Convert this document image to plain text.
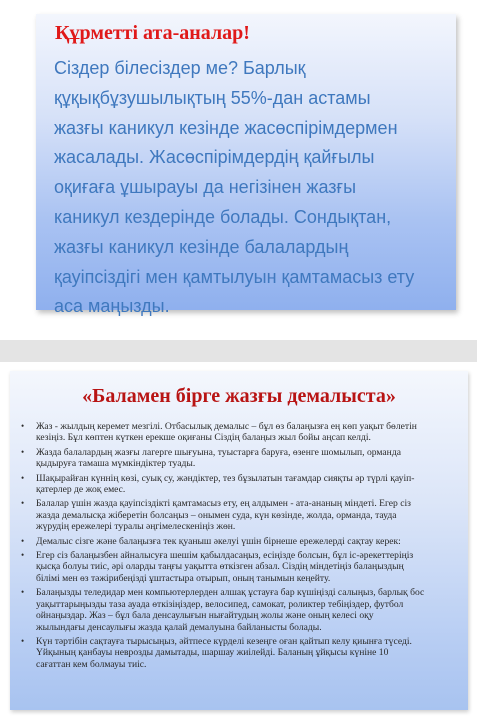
Құрметті ата-аналар!
Сіздер білесіздер ме? Барлық
құқықбұзушылықтың 55%-дан астамы
жазғы каникул кезінде жасөспірімдермен
жасалады. Жасөспірімдердің қайғылы
оқиғаға ұшырауы да негізінен жазғы
каникул кездерінде болады. Сондықтан,
жазғы каникул кезінде балалардың
қауіпсіздігі мен қамтылуын қамтамасыз ету
аса маңызды.
«Баламен бірге жазғы демалыста»
• Жаз - жылдың керемет мезгілі. Отбасылық демалыс – бұл өз балаңызға ең көп уақыт бөлетін
кезіңіз. Бұл көптен күткен ерекше оқиғаны Сіздің балаңыз жыл бойы аңсап келді.
• Жазда балалардың жазғы лагерге шығуына, туыстарға баруға, өзенге шомылып, орманда
қыдыруға тамаша мүмкіндіктер туады.
• Шақырайған күннің көзі, суық су, жәндіктер, тез бұзылатын тағамдар сияқты әр түрлі қауіп-
қатерлер де жоқ емес.
• Балалар үшін жазда қауіпсіздікті қамтамасыз ету, ең алдымен - ата-ананың міндеті. Егер сіз
жазда демалысқа жіберетін болсаңыз – онымен суда, күн көзінде, жолда, орманда, тауда
жүрудің ережелері туралы әңгімелескеніңіз жөн.
• Демалыс сізге және балаңызға тек қуаныш әкелуі үшін бірнеше ережелерді сақтау керек:
• Егер сіз балаңызбен айналысуға шешім қабылдасаңыз, есіңізде болсын, бұл іс-әрекеттеріңіз
қысқа болуы тиіс, әрі оларды таңғы уақытта өткізген абзал. Сіздің міндетіңіз балаңыздың
білімі мен өз тәжірибеңізді ұштастыра отырып, оның танымын кеңейту.
• Балаңызды теледидар мен компьютерлерден алшақ ұстауға бар күшіңізді салыңыз, барлық бос
уақыттарыңызды таза ауада өткізіңіздер, велосипед, самокат, роликтер тебіңіздер, футбол
ойнаңыздар. Жаз – бұл бала денсаулығын нығайтудың жолы және оның келесі оқу
жылындағы денсаулығы жазда қалай демалуына байланысты болады.
• Күн тәртібін сақтауға тырысыңыз, әйтпесе күрделі кезеңге оған қайтып келу қиынға түседі.
Үйқының қанбауы неврозды дамытады, шаршау жиілейді. Баланың ұйқысы күніне 10
сағаттан кем болмауы тиіс.
